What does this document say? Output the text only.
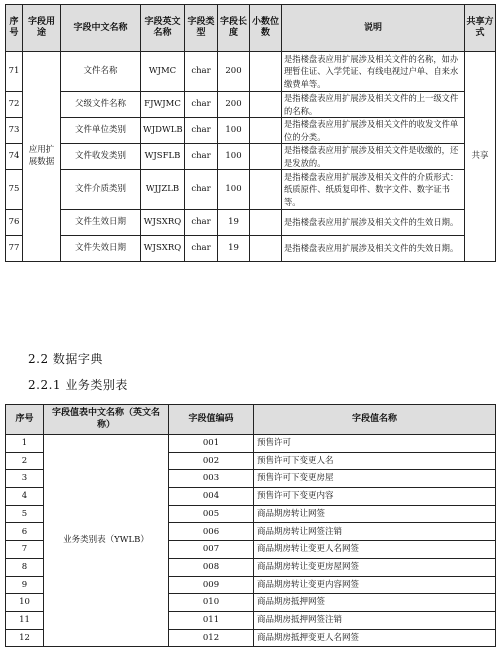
序号	字段用途	字段中文名称	字段英文名称	字段类型	字段长度	小数位数	说明	共享方式
71	应用扩展数据	文件名称	WJMC	char	200		是指楼盘表应用扩展涉及相关文件的名称，如办理暂住证、入学凭证、有线电视过户单、自来水缴费单等。	共享
72		父级文件名称	FJWJMC	char	200		是指楼盘表应用扩展涉及相关文件的上一级文件的名称。	
73		文件单位类别	WJDWLB	char	100		是指楼盘表应用扩展涉及相关文件的收发文件单位的分类。	
74		文件收发类别	WJSFLB	char	100		是指楼盘表应用扩展涉及相关文件是收缴的，还是发放的。	
75		文件介质类别	WJJZLB	char	100		是指楼盘表应用扩展涉及相关文件的介质形式：纸质原件、纸质复印件、数字文件、数字证书等。	
76		文件生效日期	WJSXRQ	char	19		是指楼盘表应用扩展涉及相关文件的生效日期。	
77		文件失效日期	WJSXRQ	char	19		是指楼盘表应用扩展涉及相关文件的失效日期。	
2.2 数据字典
2.2.1 业务类别表
序号	字段值表中文名称（英文名称）	字段值编码	字段值名称
1	业务类别表（YWLB）	001	预售许可
2		002	预售许可下变更人名
3		003	预售许可下变更房屋
4		004	预售许可下变更内容
5		005	商品期房转让网签
6		006	商品期房转让网签注销
7		007	商品期房转让变更人名网签
8		008	商品期房转让变更房屋网签
9		009	商品期房转让变更内容网签
10		010	商品期房抵押网签
11		011	商品期房抵押网签注销
12		012	商品期房抵押变更人名网签
